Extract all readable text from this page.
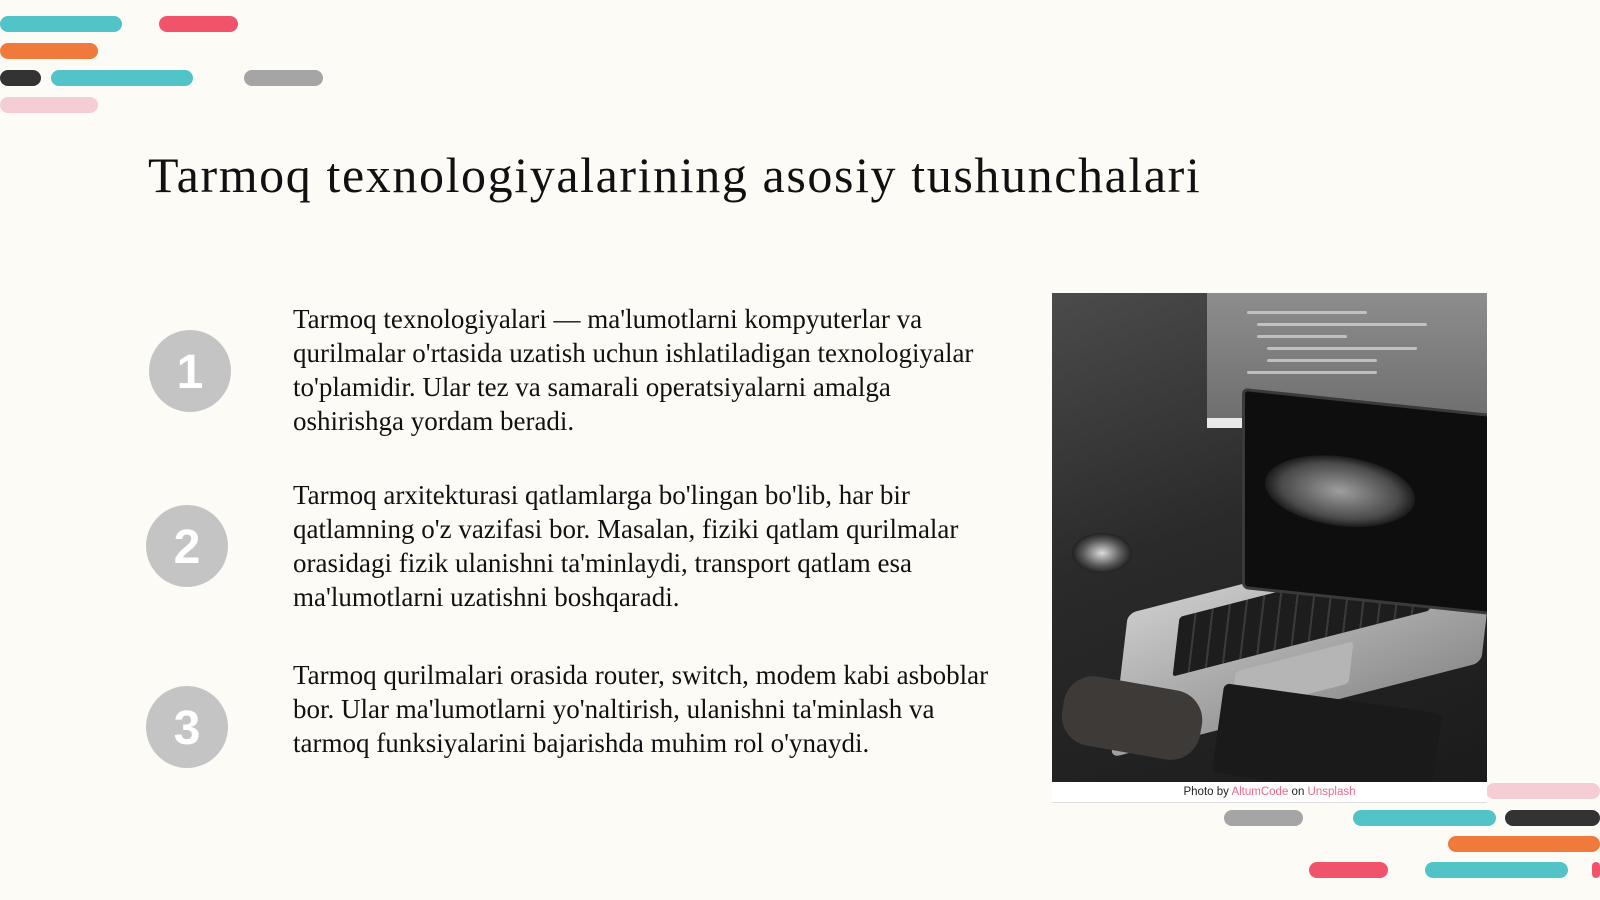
Tarmoq texnologiyalarining asosiy tushunchalari
1

Tarmoq texnologiyalari — ma'lumotlarni kompyuterlar va qurilmalar o'rtasida uzatish uchun ishlatiladigan texnologiyalar to'plamidir. Ular tez va samarali operatsiyalarni amalga oshirishga yordam beradi.

2

Tarmoq arxitekturasi qatlamlarga bo'lingan bo'lib, har bir qatlamning o'z vazifasi bor. Masalan, fiziki qatlam qurilmalar orasidagi fizik ulanishni ta'minlaydi, transport qatlam esa ma'lumotlarni uzatishni boshqaradi.

3

Tarmoq qurilmalari orasida router, switch, modem kabi asboblar bor. Ular ma'lumotlarni yo'naltirish, ulanishni ta'minlash va tarmoq funksiyalarini bajarishda muhim rol o'ynaydi.

Photo by AltumCode on Unsplash
